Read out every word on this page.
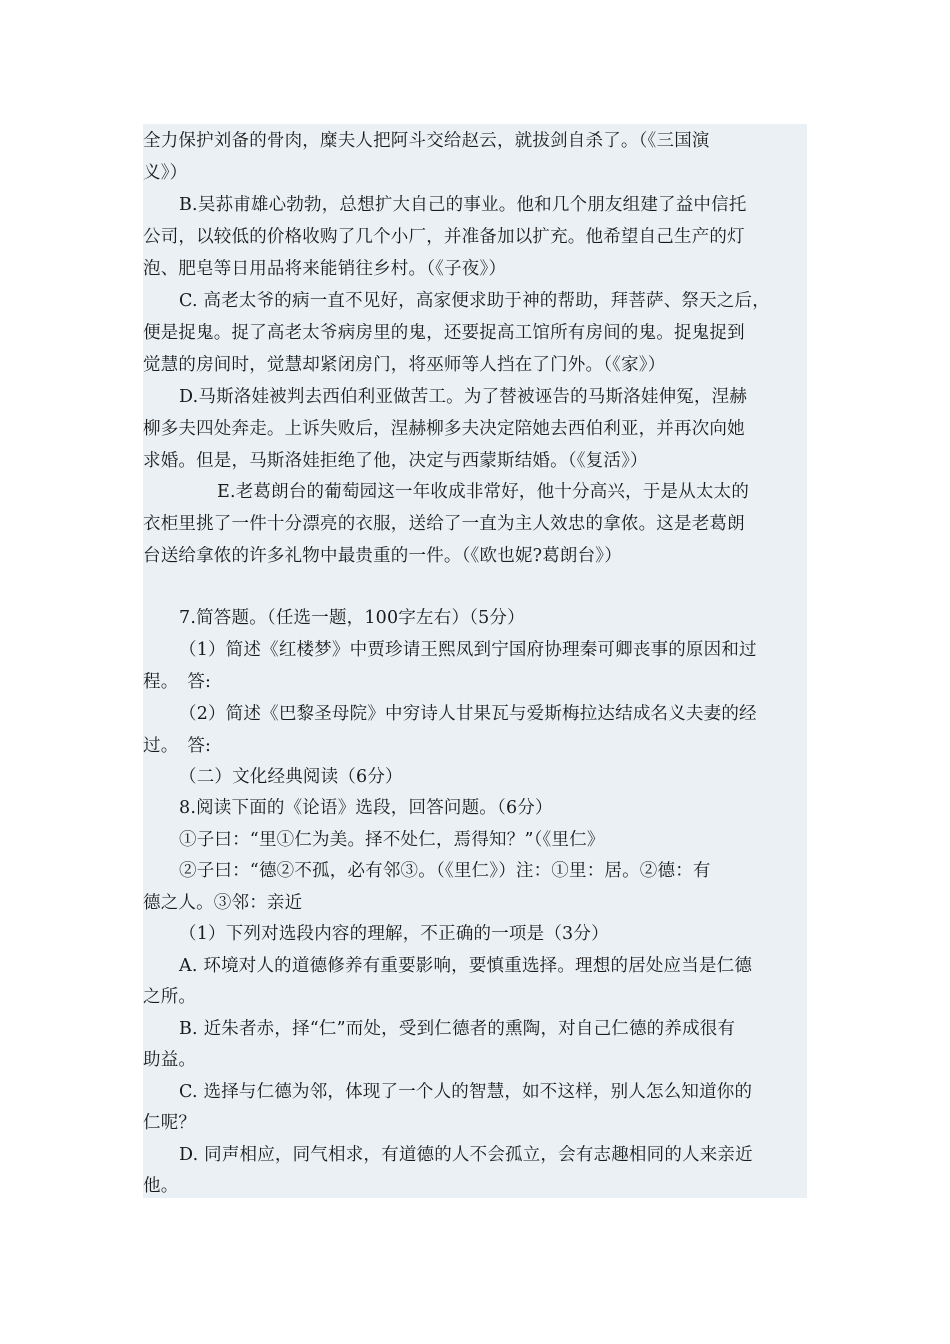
全力保护刘备的骨肉，糜夫人把阿斗交给赵云，就拔剑自杀了。（《三国演
义》）
B.吴荪甫雄心勃勃，总想扩大自己的事业。他和几个朋友组建了益中信托
公司，以较低的价格收购了几个小厂，并准备加以扩充。他希望自己生产的灯
泡、肥皂等日用品将来能销往乡村。（《子夜》）
C. 高老太爷的病一直不见好，高家便求助于神的帮助，拜菩萨、祭天之后，
便是捉鬼。捉了高老太爷病房里的鬼，还要捉高工馆所有房间的鬼。捉鬼捉到
觉慧的房间时，觉慧却紧闭房门，将巫师等人挡在了门外。（《家》）
D.马斯洛娃被判去西伯利亚做苦工。为了替被诬告的马斯洛娃伸冤，涅赫
柳多夫四处奔走。上诉失败后，涅赫柳多夫决定陪她去西伯利亚，并再次向她
求婚。但是，马斯洛娃拒绝了他，决定与西蒙斯结婚。（《复活》）
E.老葛朗台的葡萄园这一年收成非常好，他十分高兴，于是从太太的
衣柜里挑了一件十分漂亮的衣服，送给了一直为主人效忠的拿侬。这是老葛朗
台送给拿侬的许多礼物中最贵重的一件。（《欧也妮?葛朗台》）
7.简答题。（任选一题，100字左右）（5分）
（1）简述《红楼梦》中贾珍请王熙凤到宁国府协理秦可卿丧事的原因和过
程。　答:
（2）简述《巴黎圣母院》中穷诗人甘果瓦与爱斯梅拉达结成名义夫妻的经
过。　答:
（二）文化经典阅读（6分）
8.阅读下面的《论语》选段，回答问题。（6分）
①子曰：“里①仁为美。择不处仁，焉得知？”（《里仁》
②子曰：“德②不孤，必有邻③。（《里仁》）注：①里：居。②德：有
德之人。③邻：亲近
（1）下列对选段内容的理解，不正确的一项是（3分）
A. 环境对人的道德修养有重要影响，要慎重选择。理想的居处应当是仁德
之所。
B. 近朱者赤，择“仁”而处，受到仁德者的熏陶，对自己仁德的养成很有
助益。
C. 选择与仁德为邻，体现了一个人的智慧，如不这样，别人怎么知道你的
仁呢？
D. 同声相应，同气相求，有道德的人不会孤立，会有志趣相同的人来亲近
他。
